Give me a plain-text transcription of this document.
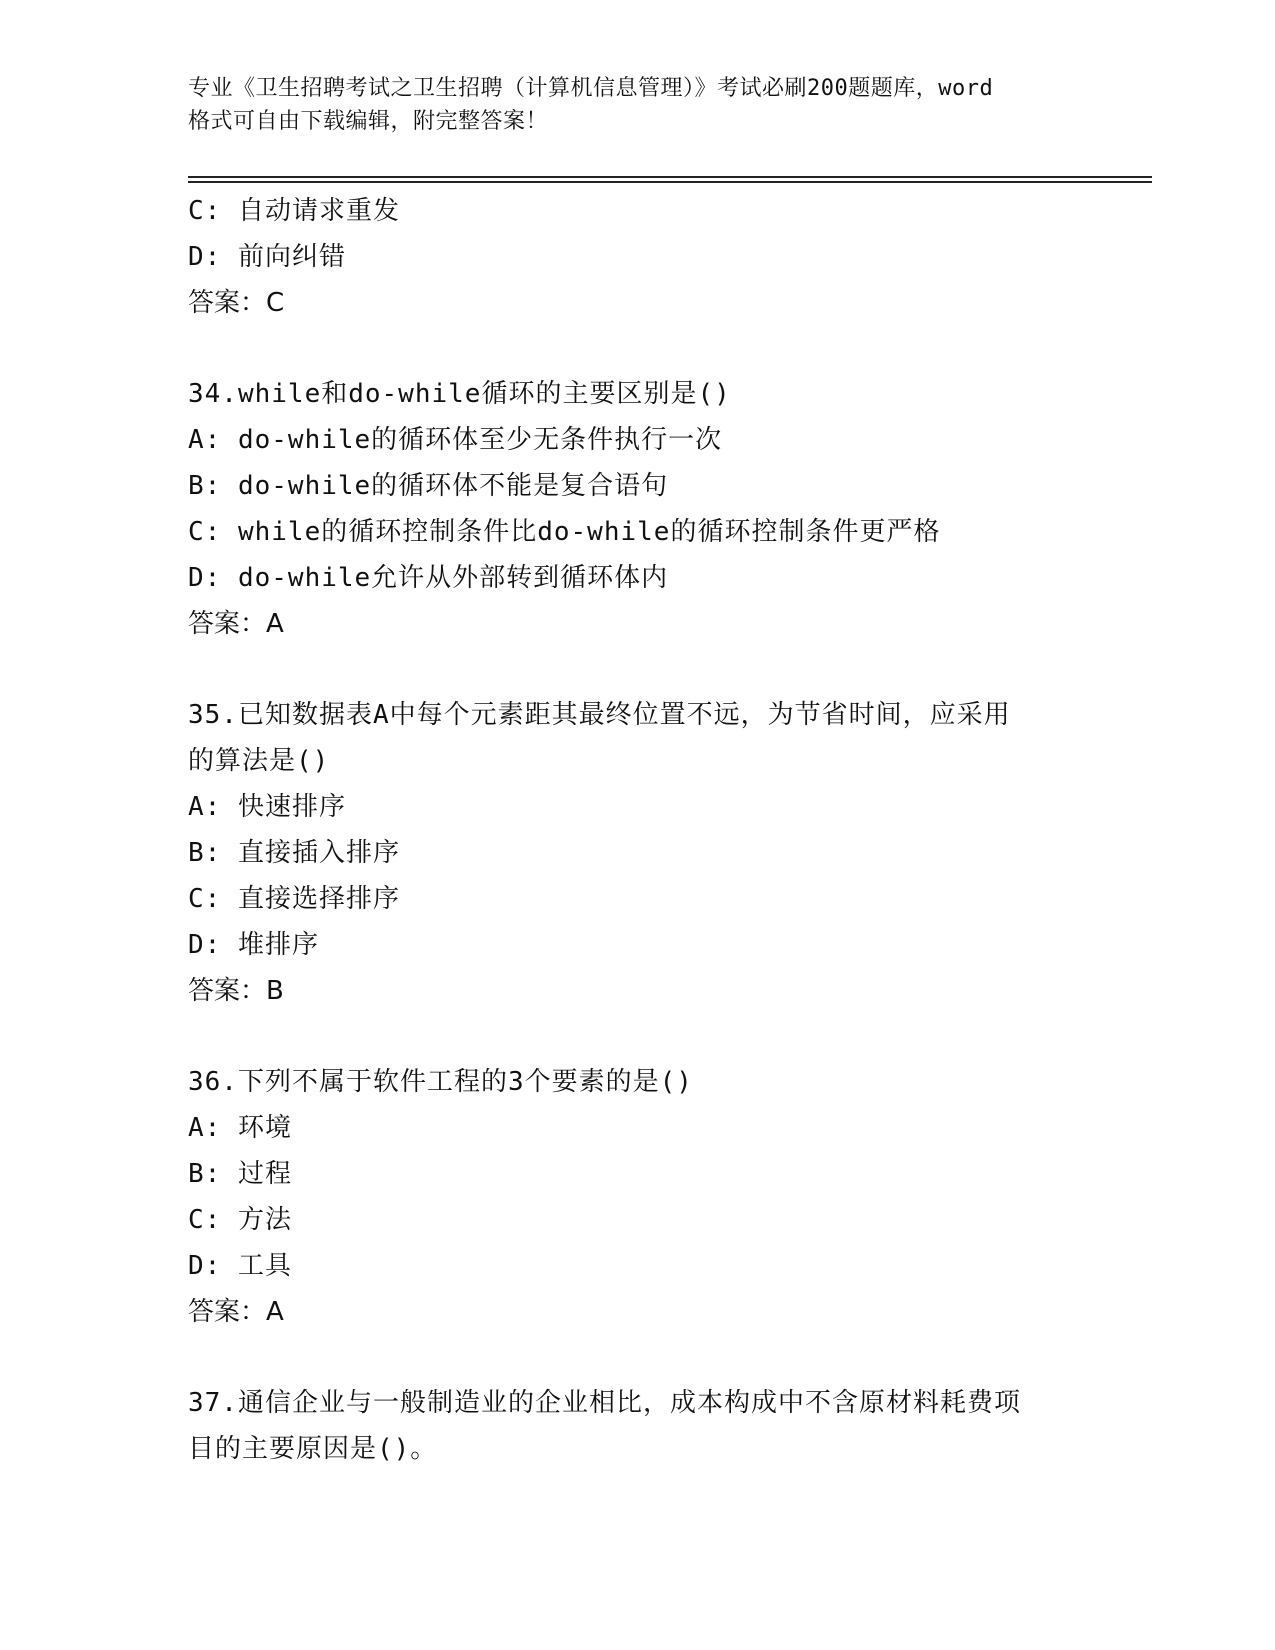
专业《卫生招聘考试之卫生招聘（计算机信息管理）》考试必刷200题题库，word
格式可自由下载编辑，附完整答案！
C: 自动请求重发
D: 前向纠错
答案：C
34.while和do-while循环的主要区别是()
A: do-while的循环体至少无条件执行一次
B: do-while的循环体不能是复合语句
C: while的循环控制条件比do-while的循环控制条件更严格
D: do-while允许从外部转到循环体内
答案：A
35.已知数据表A中每个元素距其最终位置不远，为节省时间，应采用
的算法是()
A: 快速排序
B: 直接插入排序
C: 直接选择排序
D: 堆排序
答案：B
36.下列不属于软件工程的3个要素的是()
A: 环境
B: 过程
C: 方法
D: 工具
答案：A
37.通信企业与一般制造业的企业相比，成本构成中不含原材料耗费项
目的主要原因是()。
